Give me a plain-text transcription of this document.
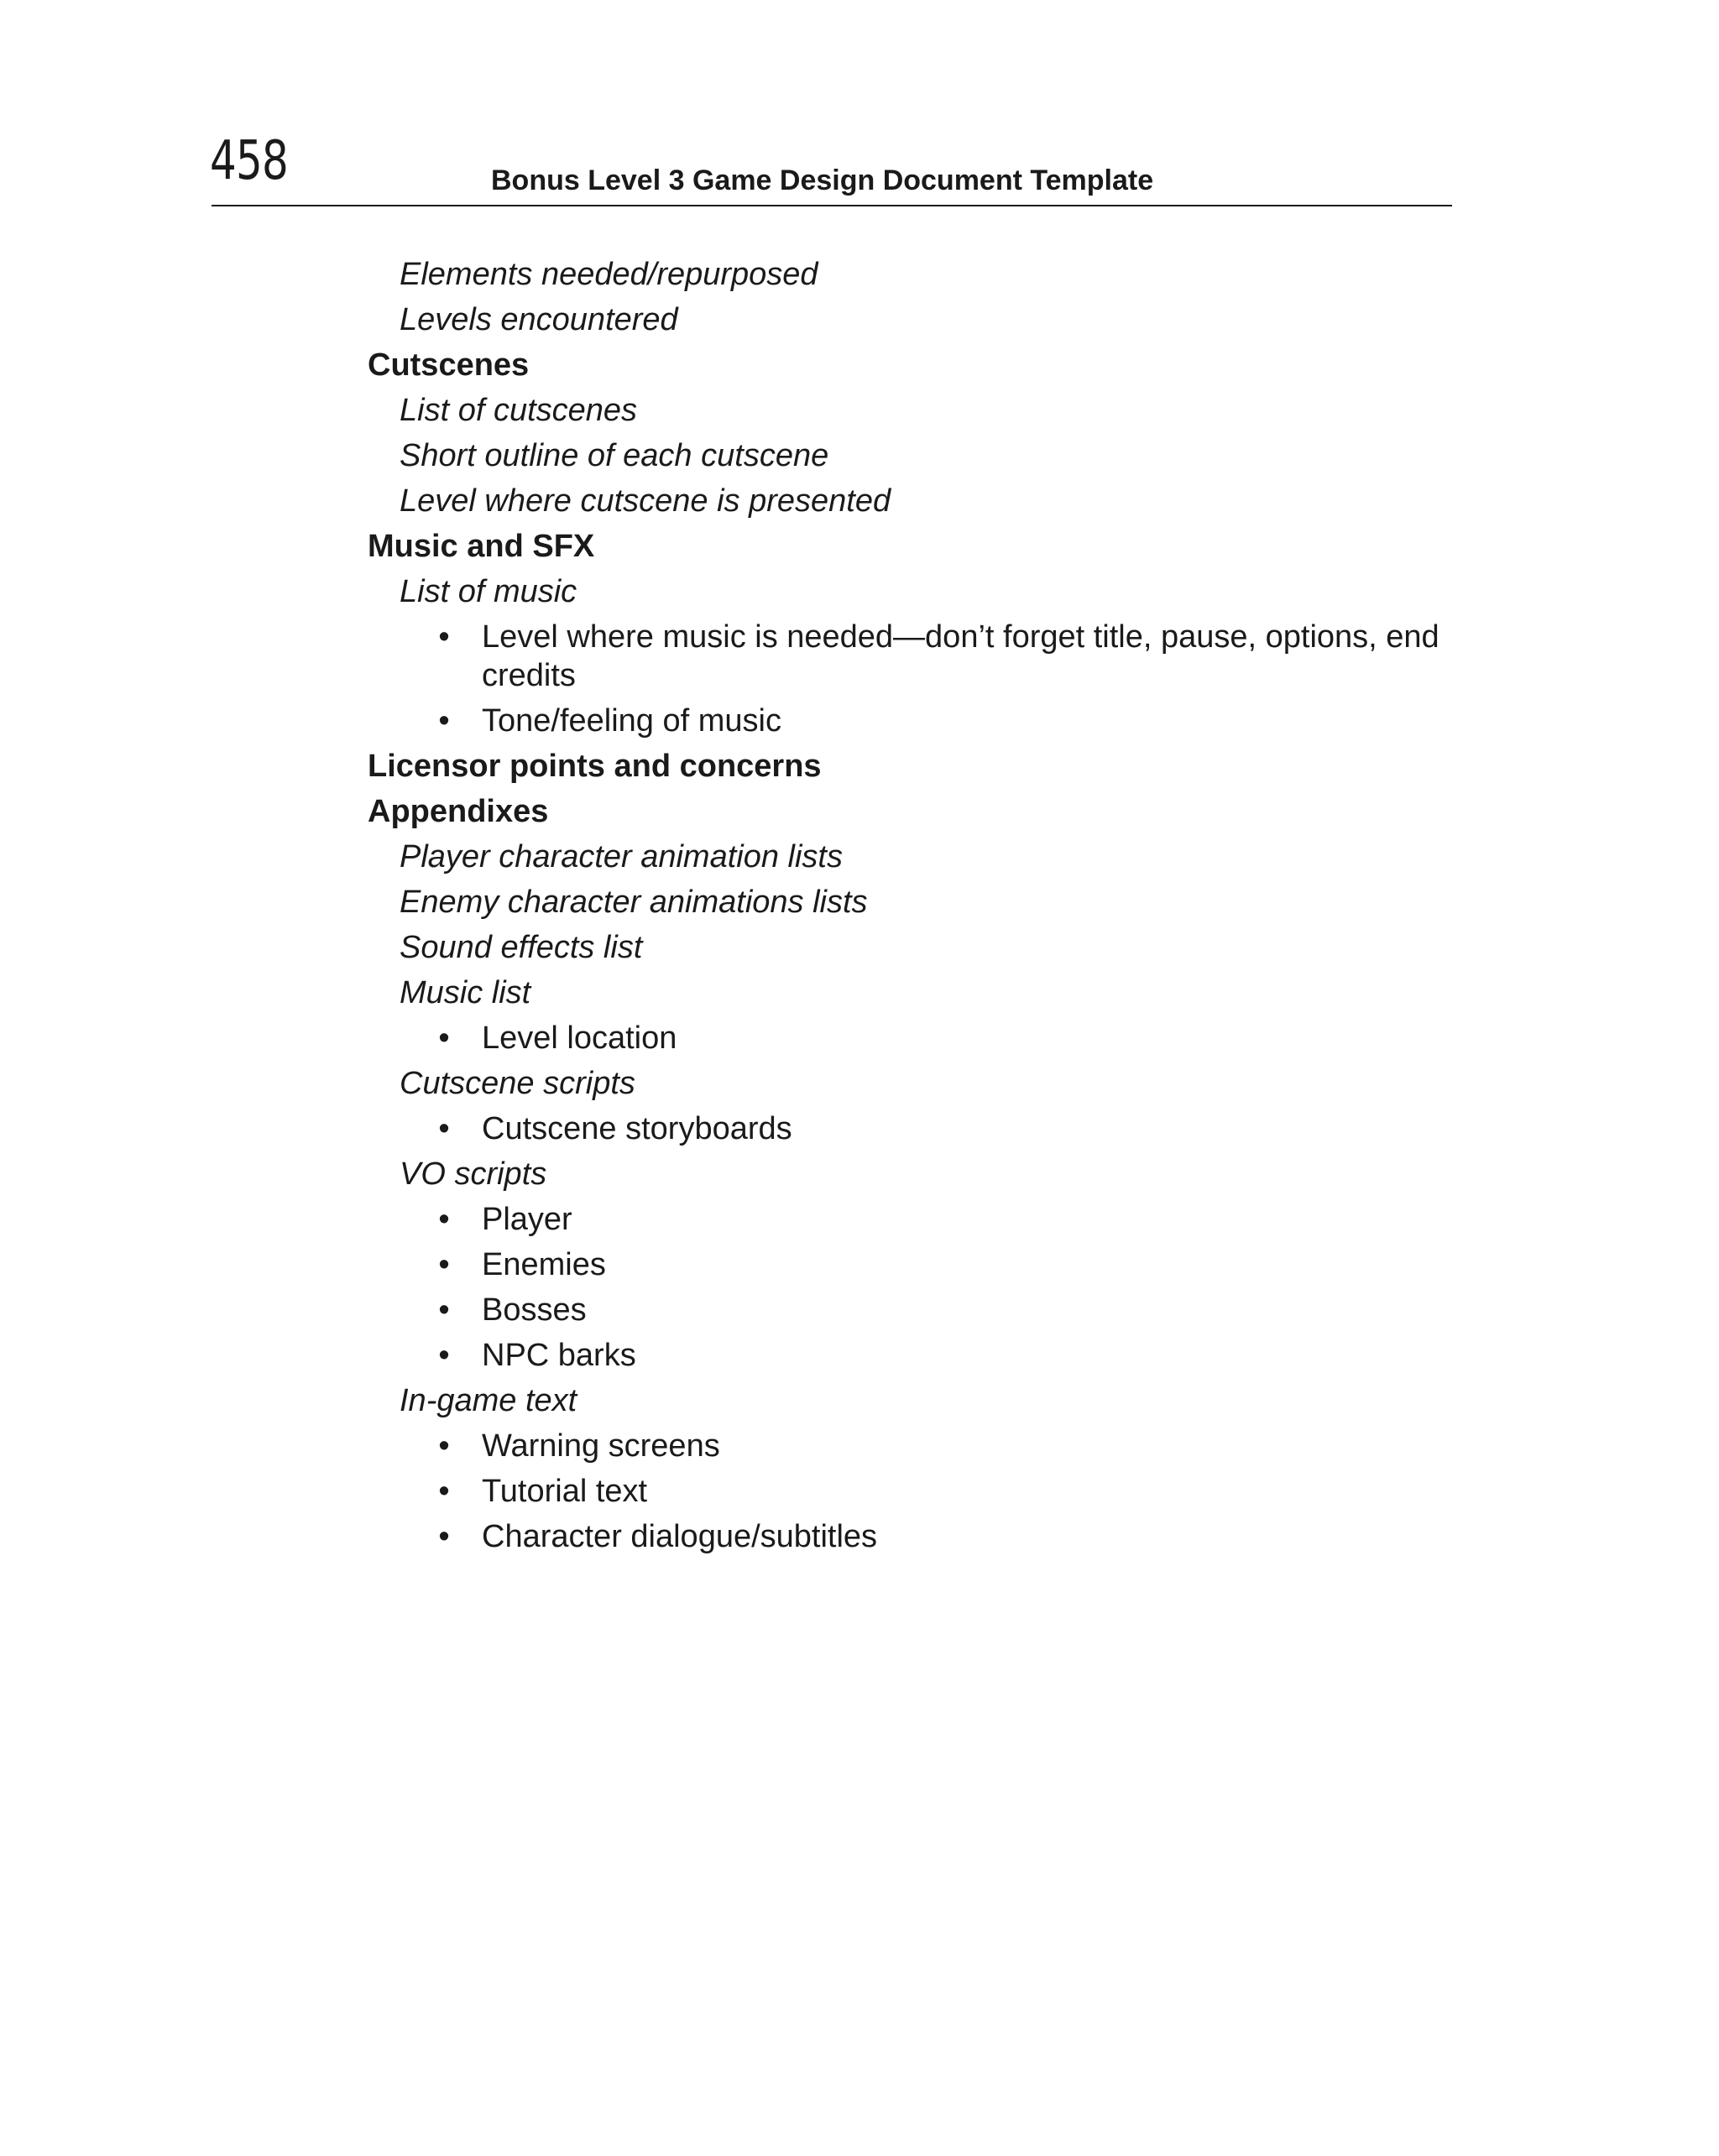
458	Bonus Level 3 Game Design Document Template
Elements needed/repurposed
Levels encountered
Cutscenes
List of cutscenes
Short outline of each cutscene
Level where cutscene is presented
Music and SFX
List of music
• Level where music is needed—don’t forget title, pause, options, end credits
• Tone/feeling of music
Licensor points and concerns
Appendixes
Player character animation lists
Enemy character animations lists
Sound effects list
Music list
• Level location
Cutscene scripts
• Cutscene storyboards
VO scripts
• Player
• Enemies
• Bosses
• NPC barks
In-game text
• Warning screens
• Tutorial text
• Character dialogue/subtitles
